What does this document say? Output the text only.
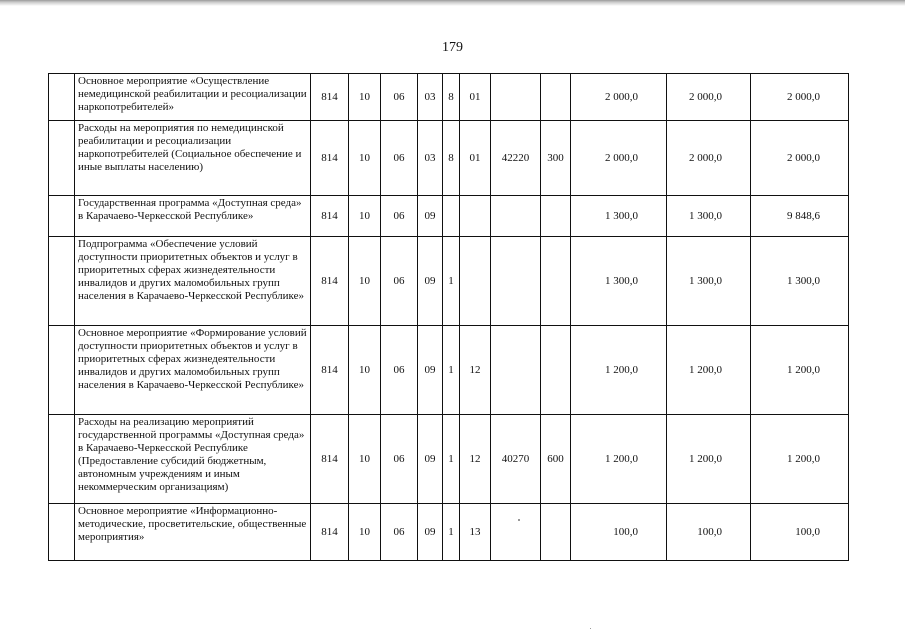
179
	Основное мероприятие «Осуществление немедицинской реабилитации и ресоциализации наркопотребителей»	814	10	06	03	8	01			2 000,0	2 000,0	2 000,0
	Расходы на мероприятия по немедицинской реабилитации и ресоциализации наркопотребителей (Социальное обеспечение и иные выплаты населению)	814	10	06	03	8	01	42220	300	2 000,0	2 000,0	2 000,0
	Государственная программа «Доступная среда» в Карачаево-Черкесской Республике»	814	10	06	09					1 300,0	1 300,0	9 848,6
	Подпрограмма «Обеспечение условий доступности приоритетных объектов и услуг в приоритетных сферах жизнедеятельности инвалидов и других маломобильных групп населения в Карачаево-Черкесской Республике»	814	10	06	09	1				1 300,0	1 300,0	1 300,0
	Основное мероприятие «Формирование условий доступности приоритетных объектов и услуг в приоритетных сферах жизнедеятельности инвалидов и других маломобильных групп населения в Карачаево-Черкесской Республике»	814	10	06	09	1	12			1 200,0	1 200,0	1 200,0
	Расходы на реализацию мероприятий государственной программы «Доступная среда» в Карачаево-Черкесской Республике (Предоставление субсидий бюджетным, автономным учреждениям и иным некоммерческим организациям)	814	10	06	09	1	12	40270	600	1 200,0	1 200,0	1 200,0
	Основное мероприятие «Информационно-методические, просветительские, общественные мероприятия»	814	10	06	09	1	13			100,0	100,0	100,0
